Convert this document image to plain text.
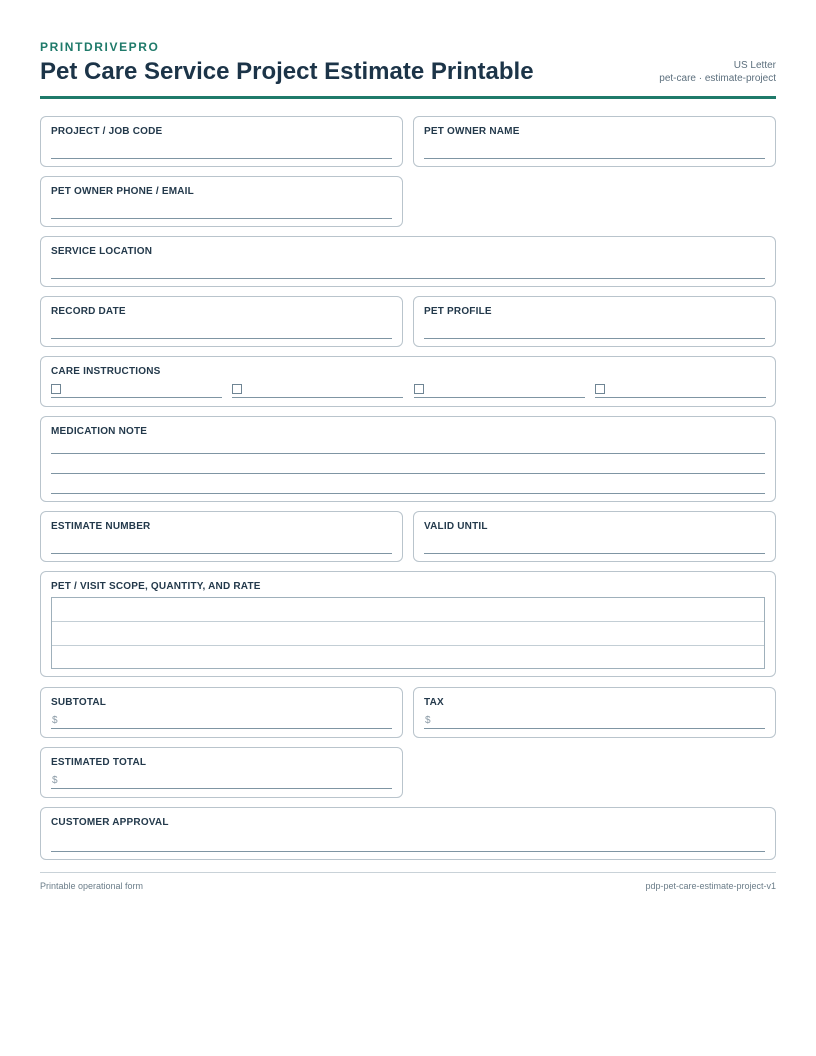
PRINTDRIVEPRO
Pet Care Service Project Estimate Printable	US Letter
pet-care · estimate-project
PROJECT / JOB CODE	PET OWNER NAME
PET OWNER PHONE / EMAIL
SERVICE LOCATION
RECORD DATE	PET PROFILE
CARE INSTRUCTIONS
MEDICATION NOTE
ESTIMATE NUMBER	VALID UNTIL
PET / VISIT SCOPE, QUANTITY, AND RATE
SUBTOTAL
$
TAX
$
ESTIMATED TOTAL
$
CUSTOMER APPROVAL
Printable operational form	pdp-pet-care-estimate-project-v1
